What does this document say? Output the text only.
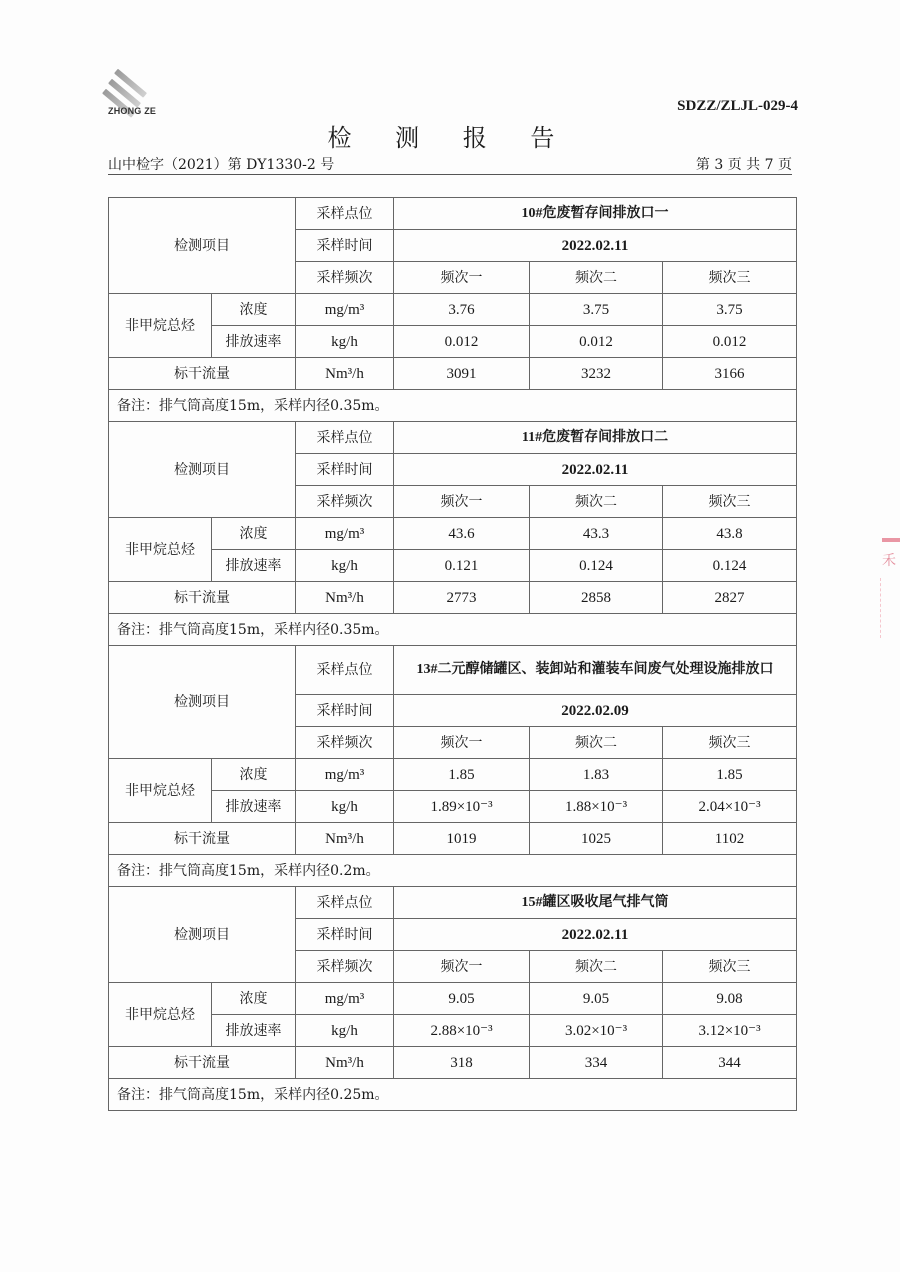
ZHONG ZE	SDZZ/ZLJL-029-4
检 测 报 告
山中检字（2021）第 DY1330-2 号	第 3 页 共 7 页
检测项目		采样点位	10#危废暂存间排放口一		
		采样时间	2022.02.11		
		采样频次	频次一	频次二	频次三
非甲烷总烃	浓度	mg/m³	3.76	3.75	3.75
	排放速率	kg/h	0.012	0.012	0.012
标干流量		Nm³/h	3091	3232	3166
备注：排气筒高度15m，采样内径0.35m。					
检测项目		采样点位	11#危废暂存间排放口二		
		采样时间	2022.02.11		
		采样频次	频次一	频次二	频次三
非甲烷总烃	浓度	mg/m³	43.6	43.3	43.8
	排放速率	kg/h	0.121	0.124	0.124
标干流量		Nm³/h	2773	2858	2827
备注：排气筒高度15m，采样内径0.35m。					
检测项目		采样点位	13#二元醇储罐区、装卸站和灌装车间废气处理设施排放口		
		采样时间	2022.02.09		
		采样频次	频次一	频次二	频次三
非甲烷总烃	浓度	mg/m³	1.85	1.83	1.85
	排放速率	kg/h	1.89×10⁻³	1.88×10⁻³	2.04×10⁻³
标干流量		Nm³/h	1019	1025	1102
备注：排气筒高度15m，采样内径0.2m。					
检测项目		采样点位	15#罐区吸收尾气排气筒		
		采样时间	2022.02.11		
		采样频次	频次一	频次二	频次三
非甲烷总烃	浓度	mg/m³	9.05	9.05	9.08
	排放速率	kg/h	2.88×10⁻³	3.02×10⁻³	3.12×10⁻³
标干流量		Nm³/h	318	334	344
备注：排气筒高度15m，采样内径0.25m。					
禾
